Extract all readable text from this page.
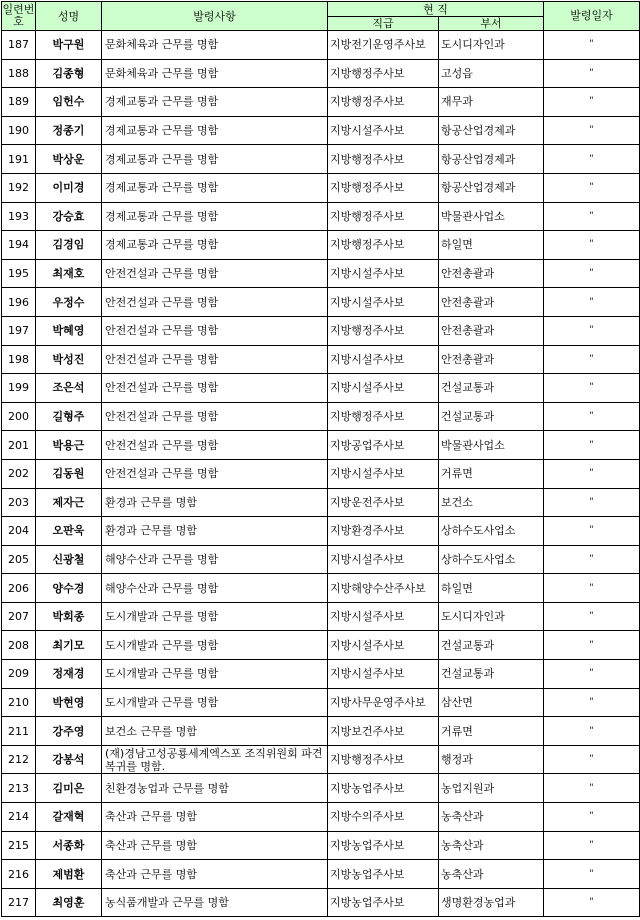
일련번호	성명	발령사항	현 직		발령일자
			직급	부서	
187	박구원	문화체육과 근무를 명함	지방전기운영주사보	도시디자인과	"
188	김종형	문화체육과 근무를 명함	지방행정주사보	고성읍	"
189	임헌수	경제교통과 근무를 명함	지방행정주사보	재무과	"
190	정종기	경제교통과 근무를 명함	지방시설주사보	항공산업경제과	"
191	박상운	경제교통과 근무를 명함	지방행정주사보	항공산업경제과	"
192	이미경	경제교통과 근무를 명함	지방행정주사보	항공산업경제과	"
193	강승효	경제교통과 근무를 명함	지방행정주사보	박물관사업소	"
194	김경임	경제교통과 근무를 명함	지방행정주사보	하일면	"
195	최재호	안전건설과 근무를 명함	지방시설주사보	안전총괄과	"
196	우정수	안전건설과 근무를 명함	지방시설주사보	안전총괄과	"
197	박혜영	안전건설과 근무를 명함	지방행정주사보	안전총괄과	"
198	박성진	안전건설과 근무를 명함	지방시설주사보	안전총괄과	"
199	조은석	안전건설과 근무를 명함	지방시설주사보	건설교통과	"
200	길형주	안전건설과 근무를 명함	지방행정주사보	건설교통과	"
201	박용근	안전건설과 근무를 명함	지방공업주사보	박물관사업소	"
202	김동원	안전건설과 근무를 명함	지방시설주사보	거류면	"
203	제자근	환경과 근무를 명함	지방운전주사보	보건소	"
204	오판욱	환경과 근무를 명함	지방환경주사보	상하수도사업소	"
205	신광철	해양수산과 근무를 명함	지방시설주사보	상하수도사업소	"
206	양수경	해양수산과 근무를 명함	지방해양수산주사보	하일면	"
207	박회종	도시개발과 근무를 명함	지방시설주사보	도시디자인과	"
208	최기모	도시개발과 근무를 명함	지방시설주사보	건설교통과	"
209	정재경	도시개발과 근무를 명함	지방시설주사보	건설교통과	"
210	박현영	도시개발과 근무를 명함	지방사무운영주사보	삼산면	"
211	강주영	보건소 근무를 명함	지방보건주사보	거류면	"
212	강봉석	(재)경남고성공룡세계엑스포 조직위원회 파견복귀를 명함.	지방행정주사보	행정과	"
213	김미은	친환경농업과 근무를 명함	지방농업주사보	농업지원과	"
214	갈재혁	축산과 근무를 명함	지방수의주사보	농축산과	"
215	서종화	축산과 근무를 명함	지방농업주사보	농축산과	"
216	제범환	축산과 근무를 명함	지방농업주사보	농축산과	"
217	최영훈	농식품개발과 근무를 명함	지방농업주사보	생명환경농업과	"
